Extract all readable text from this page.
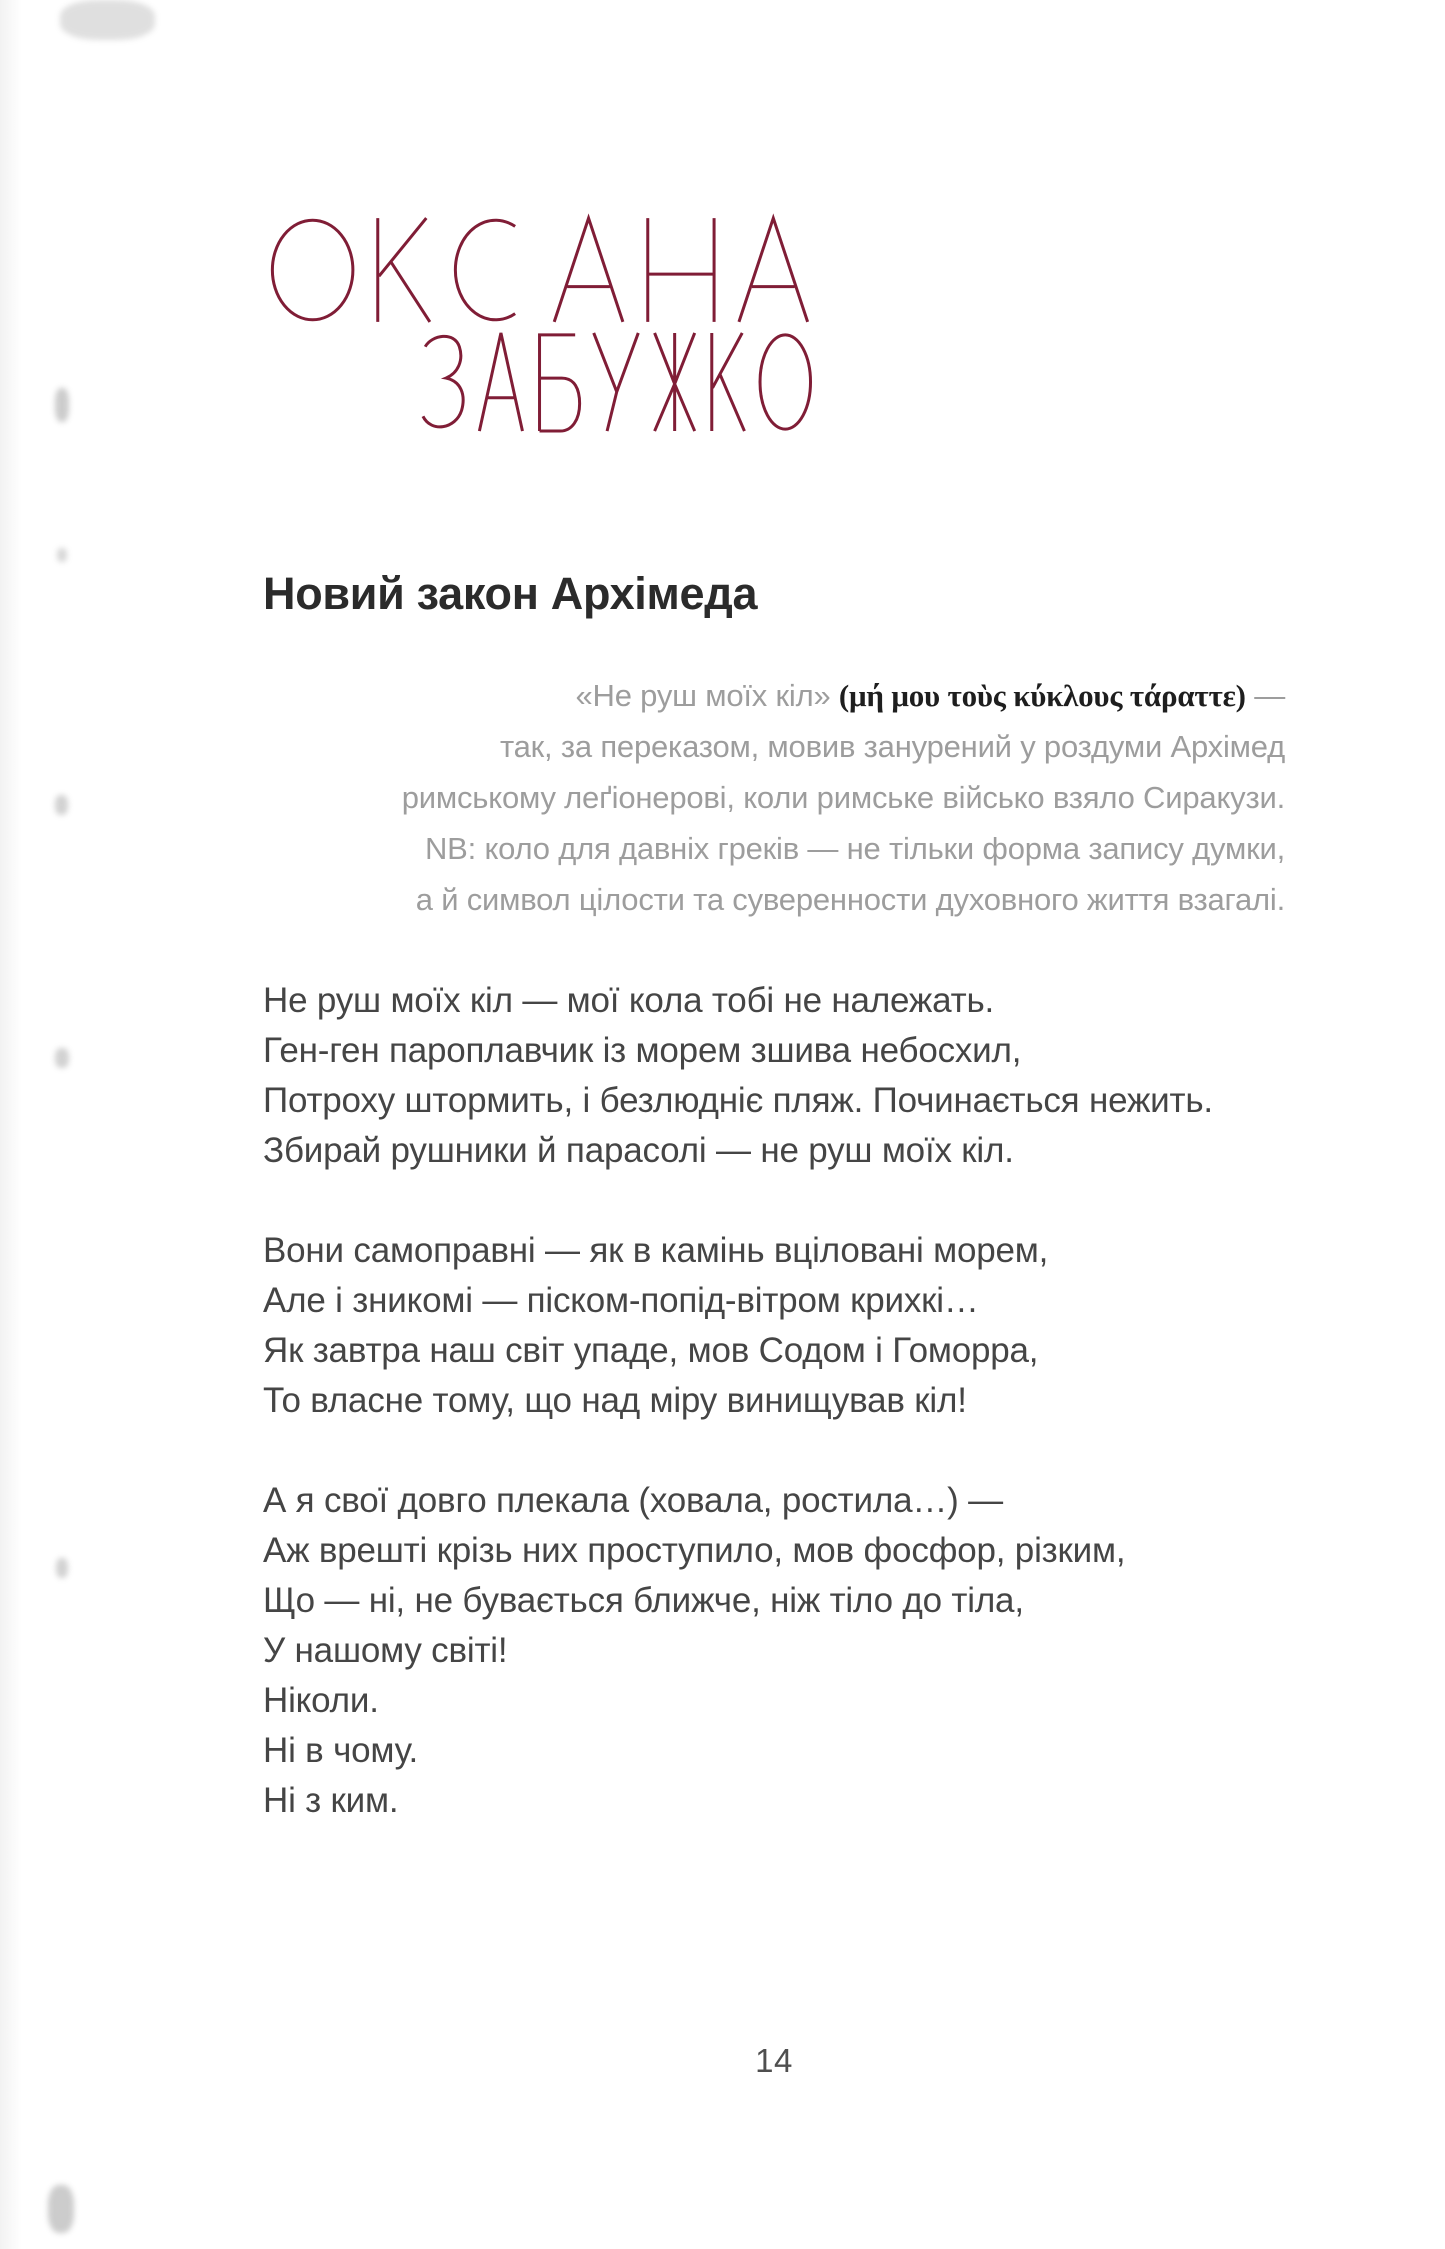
Новий закон Архімеда
«Не руш моїх кіл» (μή μου τοὺς κύκλους τάραττε) —
так, за переказом, мовив занурений у роздуми Архімед
римському леґіонерові, коли римське військо взяло Сиракузи.
NB: коло для давніх греків — не тільки форма запису думки,
а й символ цілости та суверенности духовного життя взагалі.
Не руш моїх кіл — мої кола тобі не належать.
Ген-ген пароплавчик із морем зшива небосхил,
Потроху штормить, і безлюдніє пляж. Починається нежить.
Збирай рушники й парасолі — не руш моїх кіл.
Вони самоправні — як в камінь вціловані морем,
Але і зникомі — піском-попід-вітром крихкі…
Як завтра наш світ упаде, мов Содом і Гоморра,
То власне тому, що над міру винищував кіл!
А я свої довго плекала (ховала, ростила…) —
Аж врешті крізь них проступило, мов фосфор, різким,
Що — ні, не бувається ближче, ніж тіло до тіла,
У нашому світі!
Ніколи.
Ні в чому.
Ні з ким.
14
